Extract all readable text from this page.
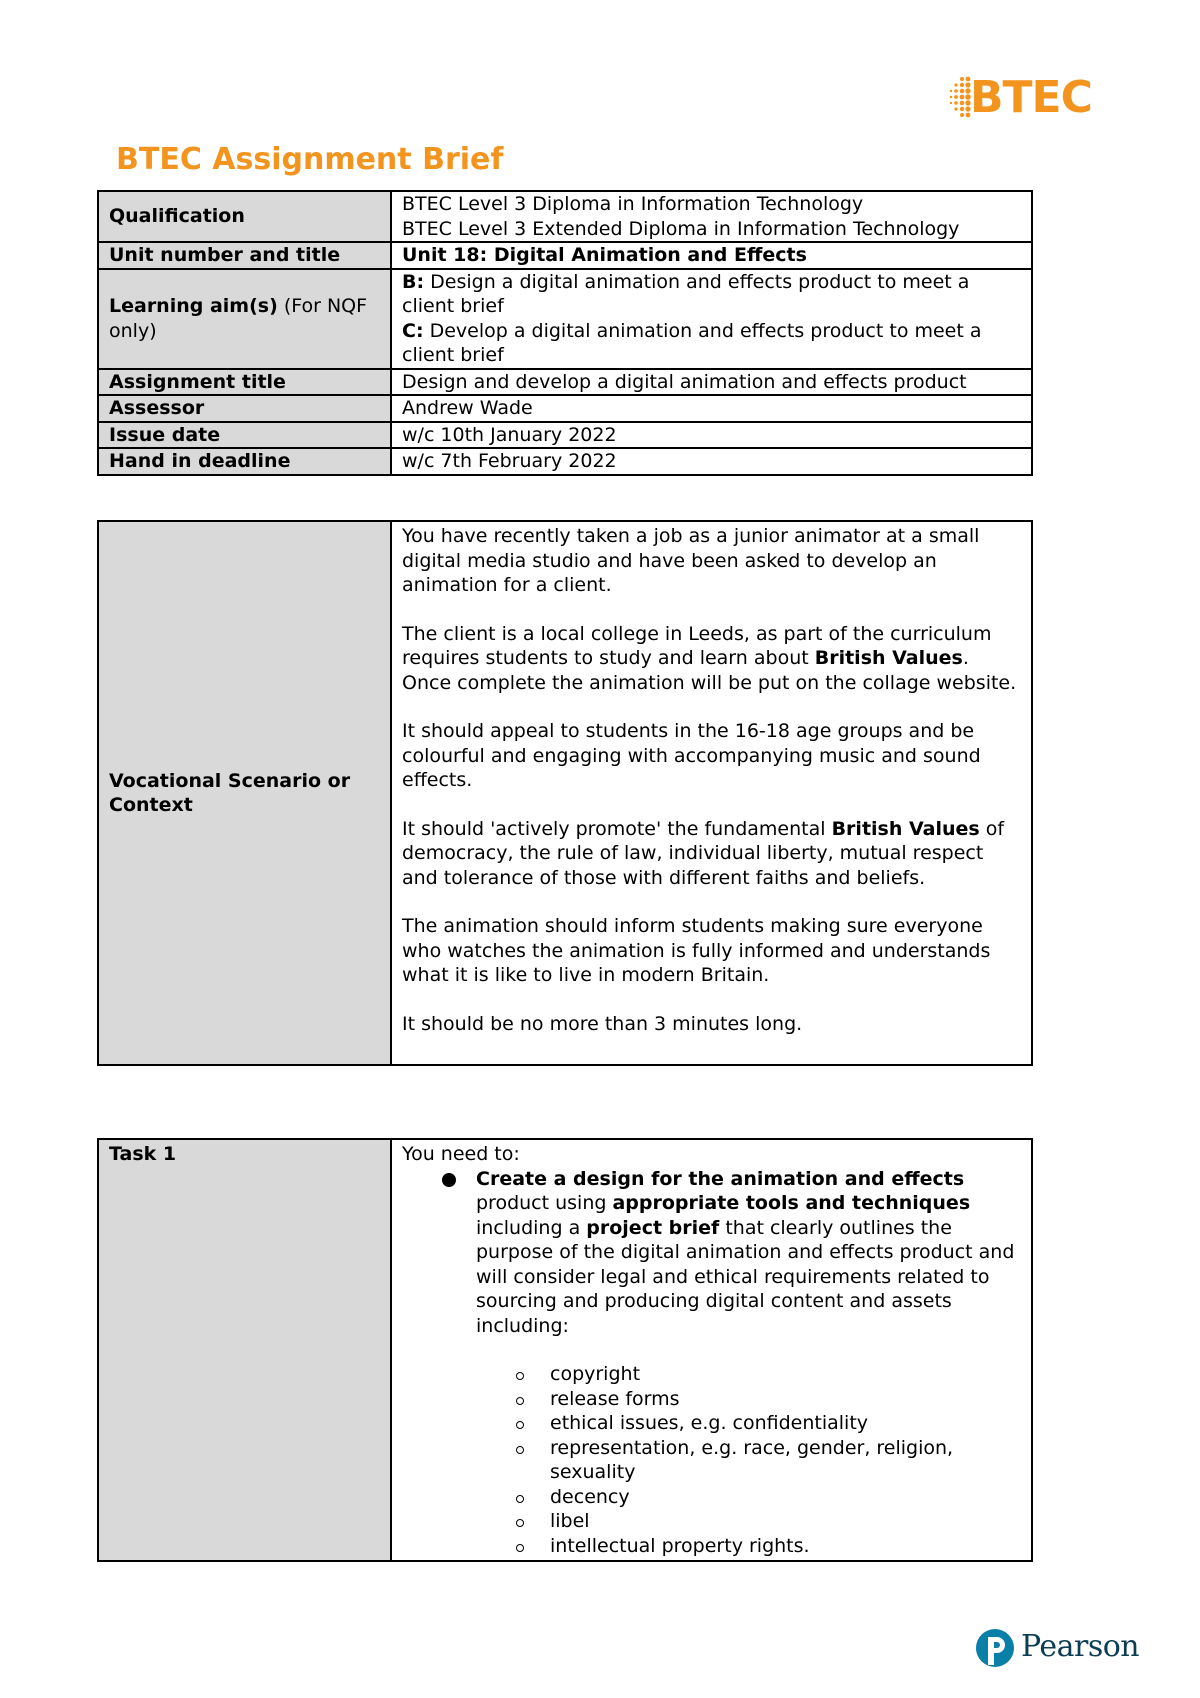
BTEC
BTEC Assignment Brief
Qualification	BTEC Level 3 Diploma in Information Technology

BTEC Level 3 Extended Diploma in Information Technology

Unit number and title	Unit 18: Digital Animation and Effects
Learning aim(s) (For NQF only)	B: Design a digital animation and effects product to meet a client brief

C: Develop a digital animation and effects product to meet a client brief

Assignment title	Design and develop a digital animation and effects product
Assessor	Andrew Wade
Issue date	w/c 10th January 2022
Hand in deadline	w/c 7th February 2022
Vocational Scenario or Context	

You have recently taken a job as a junior animator at a small digital media studio and have been asked to develop an animation for a client.

The client is a local college in Leeds, as part of the curriculum requires students to study and learn about British Values. Once complete the animation will be put on the collage website.

It should appeal to students in the 16-18 age groups and be colourful and engaging with accompanying music and sound effects.

It should 'actively promote' the fundamental British Values of democracy, the rule of law, individual liberty, mutual respect and tolerance of those with different faiths and beliefs.

The animation should inform students making sure everyone who watches the animation is fully informed and understands what it is like to live in modern Britain.

It should be no more than 3 minutes long.

Task 1	You need to:

Create a design for the animation and effects product using appropriate tools and techniques including a project brief that clearly outlines the purpose of the digital animation and effects product and will consider legal and ethical requirements related to sourcing and producing digital content and assets including:
copyright
release forms
ethical issues, e.g. confidentiality
representation, e.g. race, gender, religion, sexuality
decency
libel
intellectual property rights.
Pearson
